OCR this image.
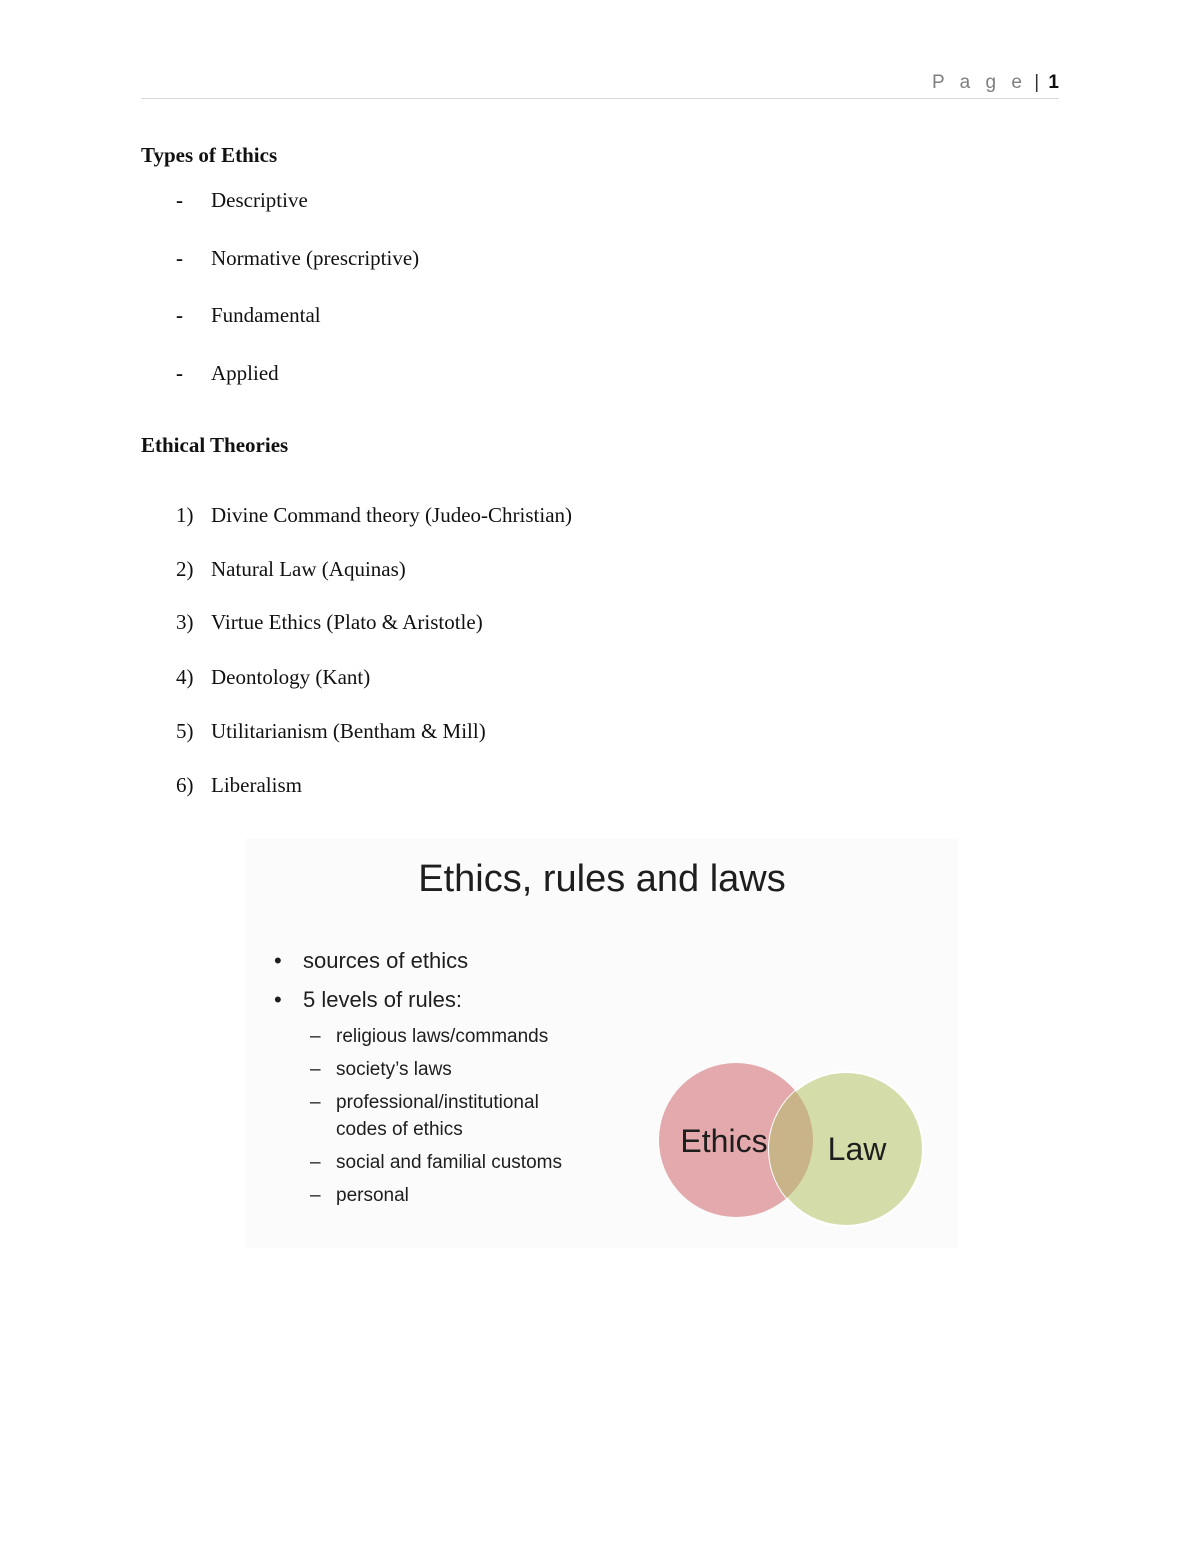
P a g e | 1
Types of Ethics
- Descriptive
- Normative (prescriptive)
- Fundamental
- Applied
Ethical Theories
1) Divine Command theory (Judeo-Christian)
2) Natural Law (Aquinas)
3) Virtue Ethics (Plato & Aristotle)
4) Deontology (Kant)
5) Utilitarianism (Bentham & Mill)
6) Liberalism
Ethics, rules and laws
• sources of ethics
• 5 levels of rules:
– religious laws/commands
– society’s laws
– professional/institutional codes of ethics
– social and familial customs
– personal
Ethics Law
